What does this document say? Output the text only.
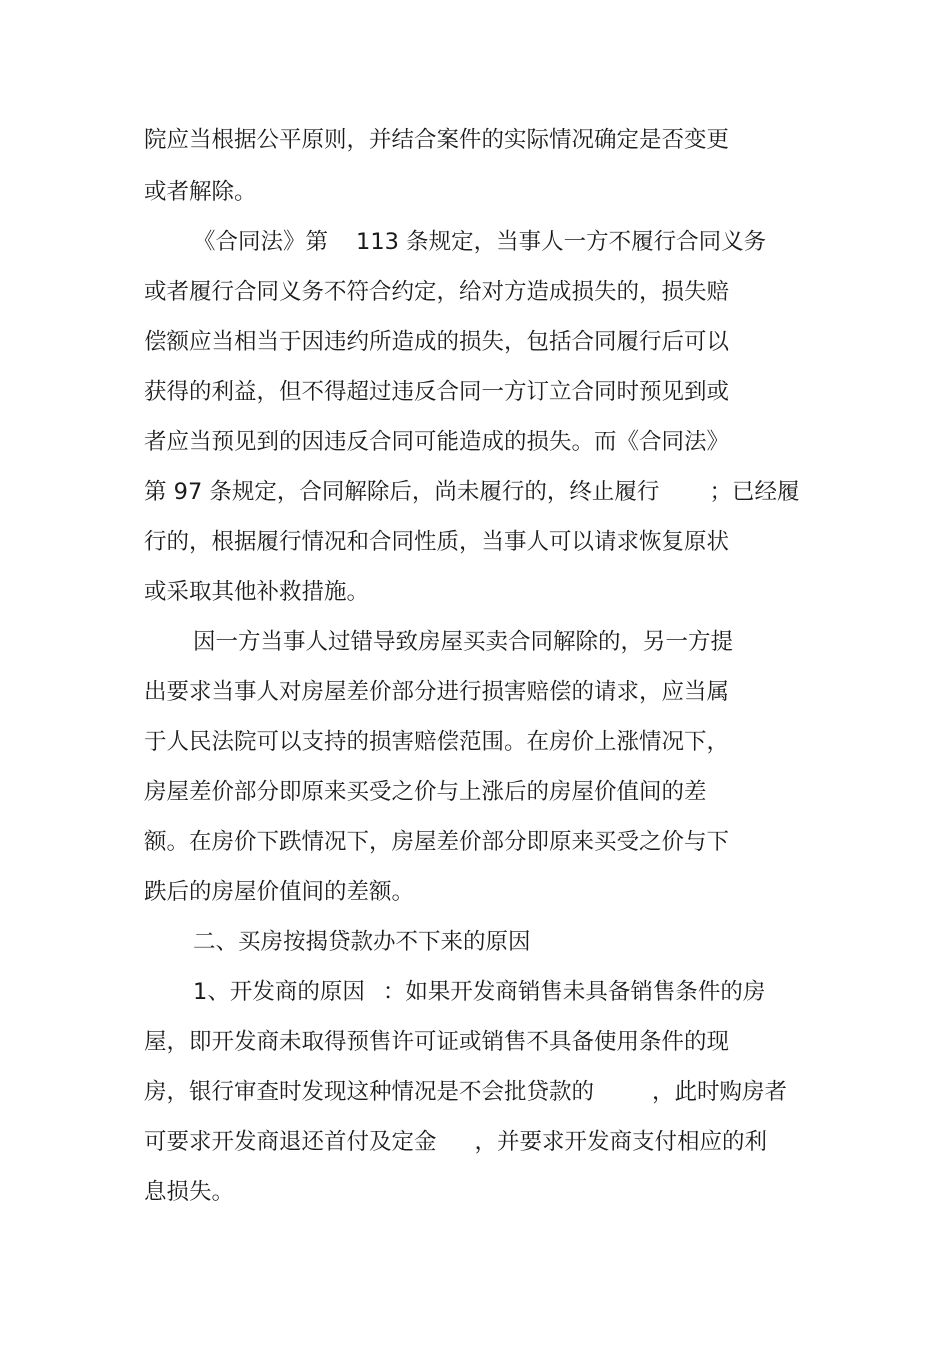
院应当根据公平原则，并结合案件的实际情况确定是否变更
或者解除。
《合同法》第 113 条规定，当事人一方不履行合同义务
或者履行合同义务不符合约定，给对方造成损失的，损失赔
偿额应当相当于因违约所造成的损失，包括合同履行后可以
获得的利益，但不得超过违反合同一方订立合同时预见到或
者应当预见到的因违反合同可能造成的损失。而《合同法》
第 97 条规定，合同解除后，尚未履行的，终止履行 ；已经履
行的，根据履行情况和合同性质，当事人可以请求恢复原状
或采取其他补救措施。
因一方当事人过错导致房屋买卖合同解除的，另一方提
出要求当事人对房屋差价部分进行损害赔偿的请求，应当属
于人民法院可以支持的损害赔偿范围。在房价上涨情况下，
房屋差价部分即原来买受之价与上涨后的房屋价值间的差
额。在房价下跌情况下，房屋差价部分即原来买受之价与下
跌后的房屋价值间的差额。
二、买房按揭贷款办不下来的原因
1、开发商的原因 ：如果开发商销售未具备销售条件的房
屋，即开发商未取得预售许可证或销售不具备使用条件的现
房，银行审查时发现这种情况是不会批贷款的	，此时购房者
可要求开发商退还首付及定金 ，并要求开发商支付相应的利
息损失。
